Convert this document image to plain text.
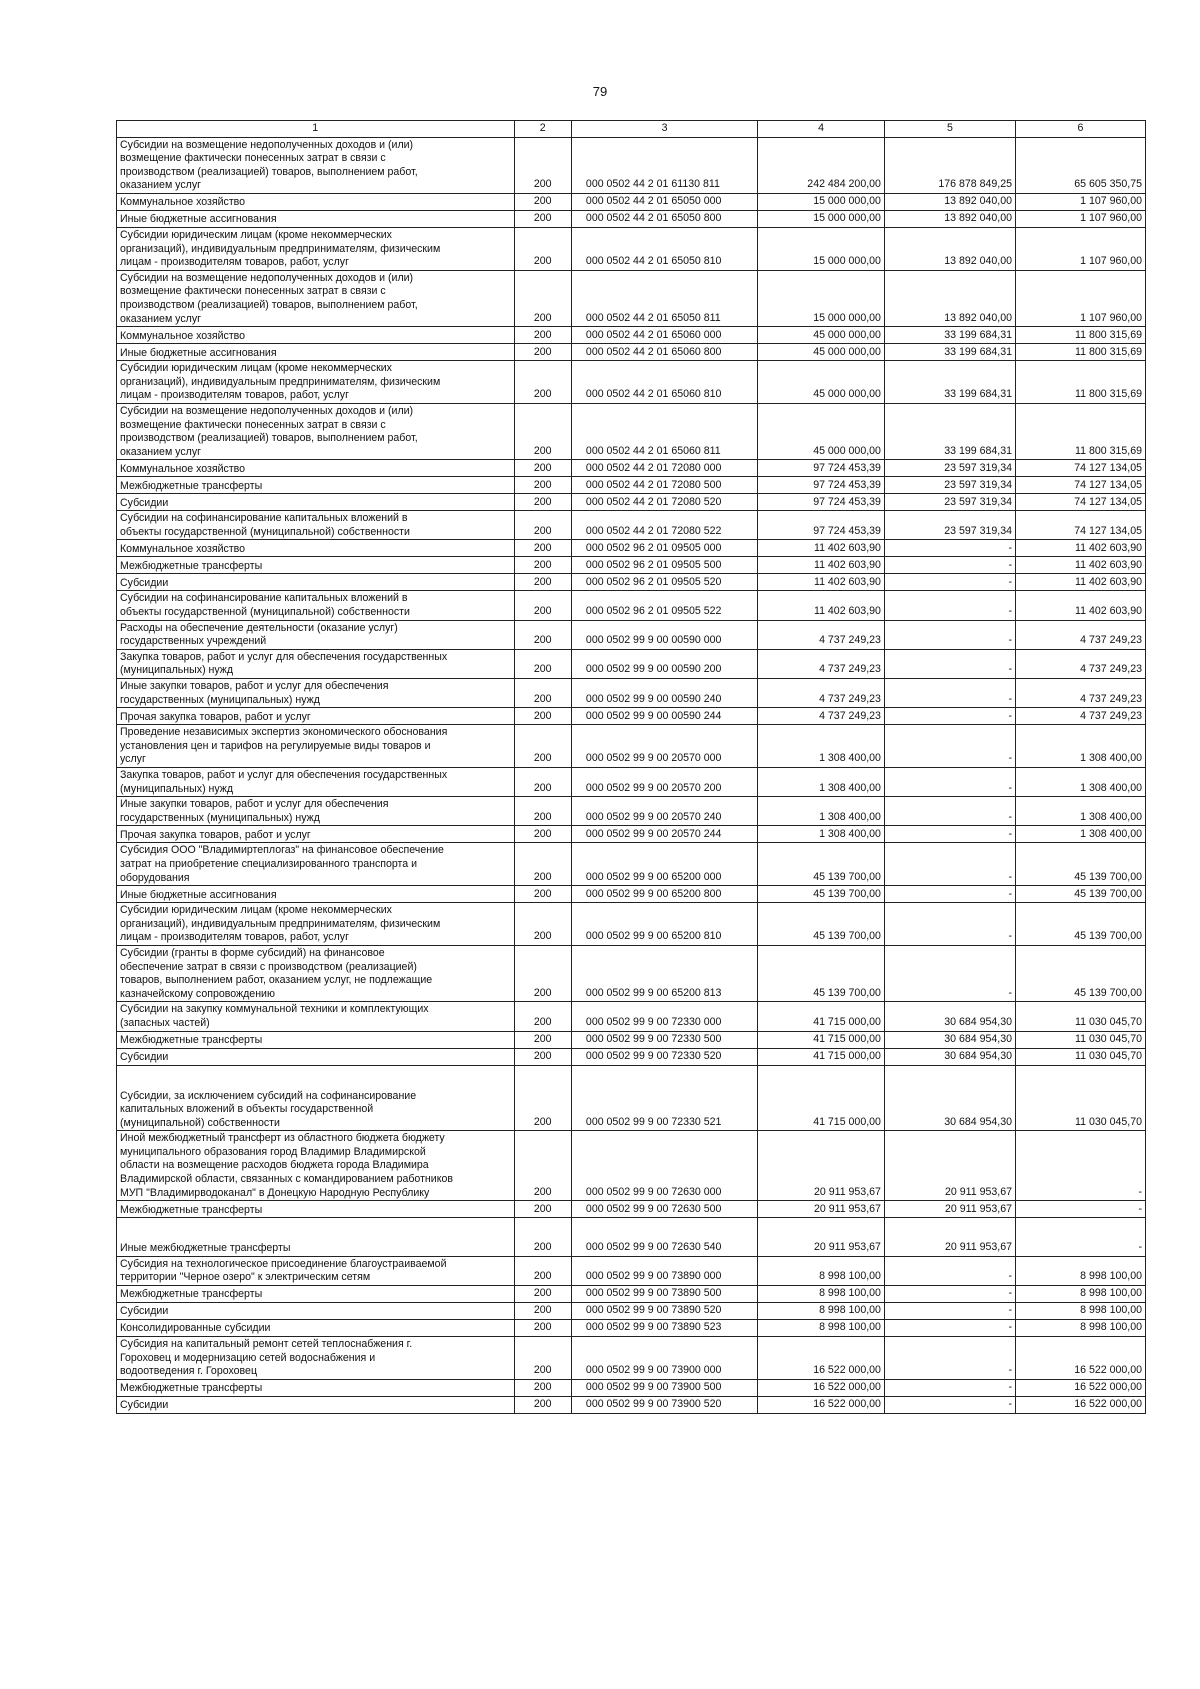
79
1	2	3	4	5	6
Субсидии на возмещение недополученных доходов и (или)
возмещение фактически понесенных затрат в связи с
производством (реализацией) товаров, выполнением работ,
оказанием услуг	200	000 0502 44 2 01 61130 811	242 484 200,00	176 878 849,25	65 605 350,75
Коммунальное хозяйство	200	000 0502 44 2 01 65050 000	15 000 000,00	13 892 040,00	1 107 960,00
Иные бюджетные ассигнования	200	000 0502 44 2 01 65050 800	15 000 000,00	13 892 040,00	1 107 960,00
Субсидии юридическим лицам (кроме некоммерческих
организаций), индивидуальным предпринимателям, физическим
лицам - производителям товаров, работ, услуг	200	000 0502 44 2 01 65050 810	15 000 000,00	13 892 040,00	1 107 960,00
Субсидии на возмещение недополученных доходов и (или)
возмещение фактически понесенных затрат в связи с
производством (реализацией) товаров, выполнением работ,
оказанием услуг	200	000 0502 44 2 01 65050 811	15 000 000,00	13 892 040,00	1 107 960,00
Коммунальное хозяйство	200	000 0502 44 2 01 65060 000	45 000 000,00	33 199 684,31	11 800 315,69
Иные бюджетные ассигнования	200	000 0502 44 2 01 65060 800	45 000 000,00	33 199 684,31	11 800 315,69
Субсидии юридическим лицам (кроме некоммерческих
организаций), индивидуальным предпринимателям, физическим
лицам - производителям товаров, работ, услуг	200	000 0502 44 2 01 65060 810	45 000 000,00	33 199 684,31	11 800 315,69
Субсидии на возмещение недополученных доходов и (или)
возмещение фактически понесенных затрат в связи с
производством (реализацией) товаров, выполнением работ,
оказанием услуг	200	000 0502 44 2 01 65060 811	45 000 000,00	33 199 684,31	11 800 315,69
Коммунальное хозяйство	200	000 0502 44 2 01 72080 000	97 724 453,39	23 597 319,34	74 127 134,05
Межбюджетные трансферты	200	000 0502 44 2 01 72080 500	97 724 453,39	23 597 319,34	74 127 134,05
Субсидии	200	000 0502 44 2 01 72080 520	97 724 453,39	23 597 319,34	74 127 134,05
Субсидии на софинансирование капитальных вложений в
объекты государственной (муниципальной) собственности	200	000 0502 44 2 01 72080 522	97 724 453,39	23 597 319,34	74 127 134,05
Коммунальное хозяйство	200	000 0502 96 2 01 09505 000	11 402 603,90	-	11 402 603,90
Межбюджетные трансферты	200	000 0502 96 2 01 09505 500	11 402 603,90	-	11 402 603,90
Субсидии	200	000 0502 96 2 01 09505 520	11 402 603,90	-	11 402 603,90
Субсидии на софинансирование капитальных вложений в
объекты государственной (муниципальной) собственности	200	000 0502 96 2 01 09505 522	11 402 603,90	-	11 402 603,90
Расходы на обеспечение деятельности (оказание услуг)
государственных учреждений	200	000 0502 99 9 00 00590 000	4 737 249,23	-	4 737 249,23
Закупка товаров, работ и услуг для обеспечения государственных
(муниципальных) нужд	200	000 0502 99 9 00 00590 200	4 737 249,23	-	4 737 249,23
Иные закупки товаров, работ и услуг для обеспечения
государственных (муниципальных) нужд	200	000 0502 99 9 00 00590 240	4 737 249,23	-	4 737 249,23
Прочая закупка товаров, работ и услуг	200	000 0502 99 9 00 00590 244	4 737 249,23	-	4 737 249,23
Проведение независимых экспертиз экономического обоснования
установления цен и тарифов на регулируемые виды товаров и
услуг	200	000 0502 99 9 00 20570 000	1 308 400,00	-	1 308 400,00
Закупка товаров, работ и услуг для обеспечения государственных
(муниципальных) нужд	200	000 0502 99 9 00 20570 200	1 308 400,00	-	1 308 400,00
Иные закупки товаров, работ и услуг для обеспечения
государственных (муниципальных) нужд	200	000 0502 99 9 00 20570 240	1 308 400,00	-	1 308 400,00
Прочая закупка товаров, работ и услуг	200	000 0502 99 9 00 20570 244	1 308 400,00	-	1 308 400,00
Субсидия ООО "Владимиртеплогаз" на финансовое обеспечение
затрат на приобретение специализированного транспорта и
оборудования	200	000 0502 99 9 00 65200 000	45 139 700,00	-	45 139 700,00
Иные бюджетные ассигнования	200	000 0502 99 9 00 65200 800	45 139 700,00	-	45 139 700,00
Субсидии юридическим лицам (кроме некоммерческих
организаций), индивидуальным предпринимателям, физическим
лицам - производителям товаров, работ, услуг	200	000 0502 99 9 00 65200 810	45 139 700,00	-	45 139 700,00
Субсидии (гранты в форме субсидий) на финансовое
обеспечение затрат в связи с производством (реализацией)
товаров, выполнением работ, оказанием услуг, не подлежащие
казначейскому сопровождению	200	000 0502 99 9 00 65200 813	45 139 700,00	-	45 139 700,00
Субсидии на закупку коммунальной техники и комплектующих
(запасных частей)	200	000 0502 99 9 00 72330 000	41 715 000,00	30 684 954,30	11 030 045,70
Межбюджетные трансферты	200	000 0502 99 9 00 72330 500	41 715 000,00	30 684 954,30	11 030 045,70
Субсидии	200	000 0502 99 9 00 72330 520	41 715 000,00	30 684 954,30	11 030 045,70
Субсидии, за исключением субсидий на софинансирование
капитальных вложений в объекты государственной
(муниципальной) собственности	200	000 0502 99 9 00 72330 521	41 715 000,00	30 684 954,30	11 030 045,70
Иной межбюджетный трансферт из областного бюджета бюджету
муниципального образования город Владимир Владимирской
области на возмещение расходов бюджета города Владимира
Владимирской области, связанных с командированием работников
МУП "Владимирводоканал" в Донецкую Народную Республику	200	000 0502 99 9 00 72630 000	20 911 953,67	20 911 953,67	-
Межбюджетные трансферты	200	000 0502 99 9 00 72630 500	20 911 953,67	20 911 953,67	-
Иные межбюджетные трансферты	200	000 0502 99 9 00 72630 540	20 911 953,67	20 911 953,67	-
Субсидия на технологическое присоединение благоустраиваемой
территории "Черное озеро" к электрическим сетям	200	000 0502 99 9 00 73890 000	8 998 100,00	-	8 998 100,00
Межбюджетные трансферты	200	000 0502 99 9 00 73890 500	8 998 100,00	-	8 998 100,00
Субсидии	200	000 0502 99 9 00 73890 520	8 998 100,00	-	8 998 100,00
Консолидированные субсидии	200	000 0502 99 9 00 73890 523	8 998 100,00	-	8 998 100,00
Субсидия на капитальный ремонт сетей теплоснабжения г.
Гороховец и модернизацию сетей водоснабжения и
водоотведения г. Гороховец	200	000 0502 99 9 00 73900 000	16 522 000,00	-	16 522 000,00
Межбюджетные трансферты	200	000 0502 99 9 00 73900 500	16 522 000,00	-	16 522 000,00
Субсидии	200	000 0502 99 9 00 73900 520	16 522 000,00	-	16 522 000,00
